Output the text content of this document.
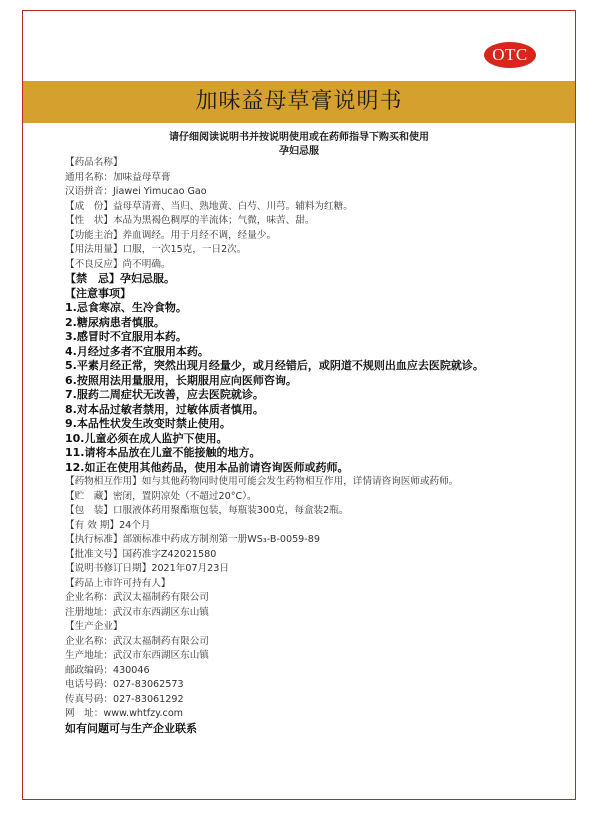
OTC
加味益母草膏说明书
请仔细阅读说明书并按说明使用或在药师指导下购买和使用
孕妇忌服
【药品名称】
通用名称：加味益母草膏
汉语拼音：Jiawei Yimucao Gao
【成　份】益母草清膏、当归、熟地黄、白芍、川芎。辅料为红糖。
【性　状】本品为黑褐色稠厚的半流体；气微，味苦、甜。
【功能主治】养血调经。用于月经不调，经量少。
【用法用量】口服，一次15克，一日2次。
【不良反应】尚不明确。
【禁　忌】孕妇忌服。
【注意事项】
1.忌食寒凉、生冷食物。
2.糖尿病患者慎服。
3.感冒时不宜服用本药。
4.月经过多者不宜服用本药。
5.平素月经正常，突然出现月经量少，或月经错后，或阴道不规则出血应去医院就诊。
6.按照用法用量服用，长期服用应向医师咨询。
7.服药二周症状无改善，应去医院就诊。
8.对本品过敏者禁用，过敏体质者慎用。
9.本品性状发生改变时禁止使用。
10.儿童必须在成人监护下使用。
11.请将本品放在儿童不能接触的地方。
12.如正在使用其他药品，使用本品前请咨询医师或药师。
【药物相互作用】如与其他药物同时使用可能会发生药物相互作用，详情请咨询医师或药师。
【贮　藏】密闭，置阴凉处（不超过20°C）。
【包　装】口服液体药用聚酯瓶包装，每瓶装300克，每盒装2瓶。
【有 效 期】24个月
【执行标准】部颁标准中药成方制剂第一册WS₃-B-0059-89
【批准文号】国药准字Z42021580
【说明书修订日期】2021年07月23日
【药品上市许可持有人】
企业名称：武汉太福制药有限公司
注册地址：武汉市东西湖区东山镇
【生产企业】
企业名称：武汉太福制药有限公司
生产地址：武汉市东西湖区东山镇
邮政编码：430046
电话号码：027-83062573
传真号码：027-83061292
网　址：www.whtfzy.com
如有问题可与生产企业联系
